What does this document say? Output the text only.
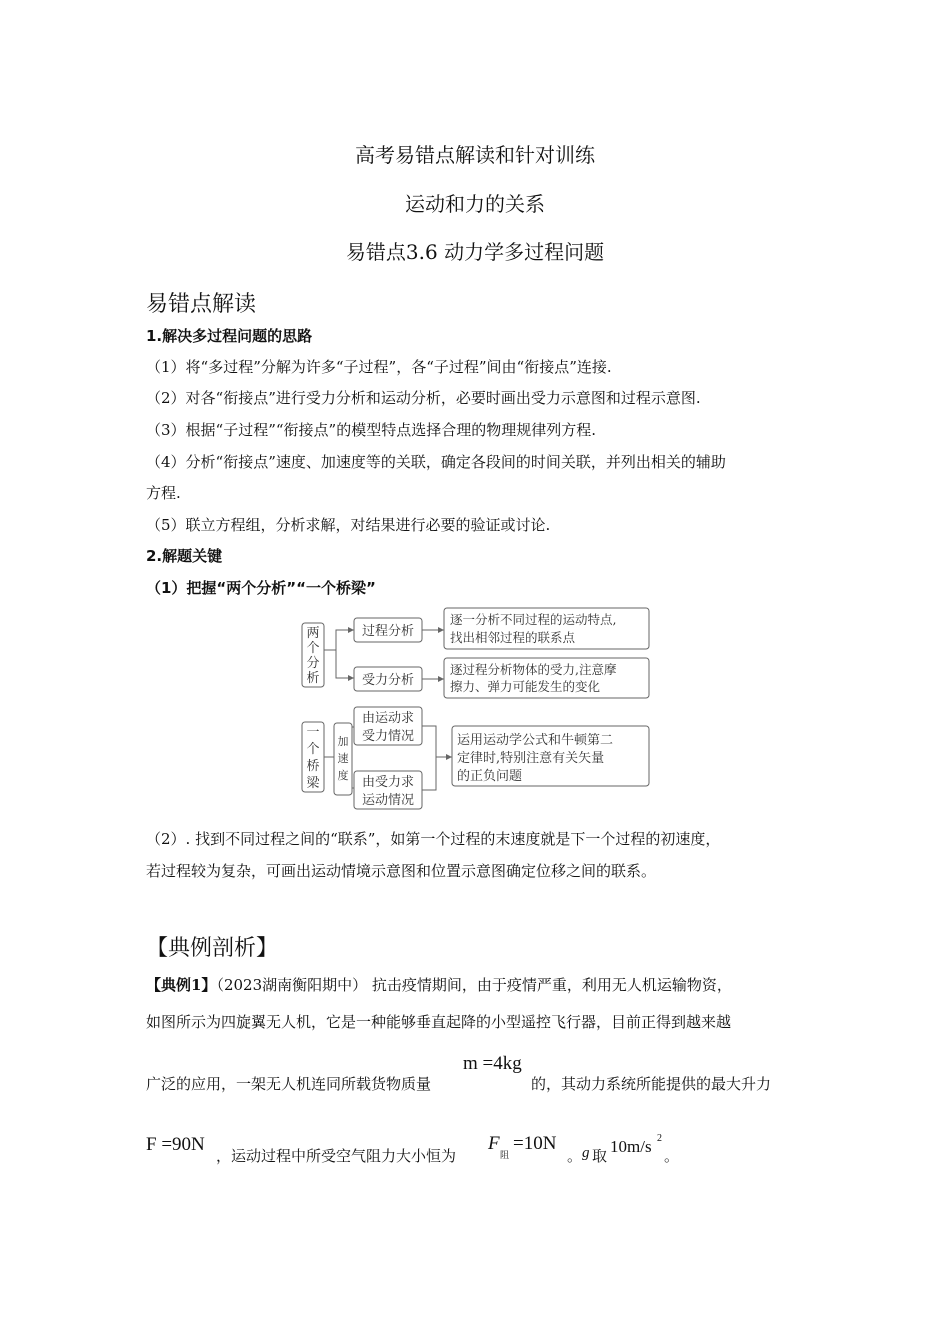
高考易错点解读和针对训练
运动和力的关系
易错点3.6 动力学多过程问题
易错点解读
1.解决多过程问题的思路
（1）将“多过程”分解为许多“子过程”，各“子过程”间由“衔接点”连接.
（2）对各“衔接点”进行受力分析和运动分析，必要时画出受力示意图和过程示意图.
（3）根据“子过程”“衔接点”的模型特点选择合理的物理规律列方程.
（4）分析“衔接点”速度、加速度等的关联，确定各段间的时间关联，并列出相关的辅助
方程.
（5）联立方程组，分析求解，对结果进行必要的验证或讨论.
2.解题关键
（1）把握“两个分析”“一个桥梁”
两
个
分
析
过程分析
受力分析
逐一分析不同过程的运动特点,
找出相邻过程的联系点
逐过程分析物体的受力,注意摩
擦力、弹力可能发生的变化
一
个
桥
梁
加
速
度
由运动求
受力情况
由受力求
运动情况
运用运动学公式和牛顿第二
定律时,特别注意有关矢量
的正负问题
（2）. 找到不同过程之间的“联系”，如第一个过程的末速度就是下一个过程的初速度，
若过程较为复杂，可画出运动情境示意图和位置示意图确定位移之间的联系。
【典例剖析】
【典例1】（2023湖南衡阳期中） 抗击疫情期间，由于疫情严重，利用无人机运输物资，
如图所示为四旋翼无人机，它是一种能够垂直起降的小型遥控飞行器，目前正得到越来越
广泛的应用，一架无人机连同所载货物质量
m =4kg
的，其动力系统所能提供的最大升力
F =90N
，运动过程中所受空气阻力大小恒为
F
阻
=10N
。 g 取 10m/s 2
。
